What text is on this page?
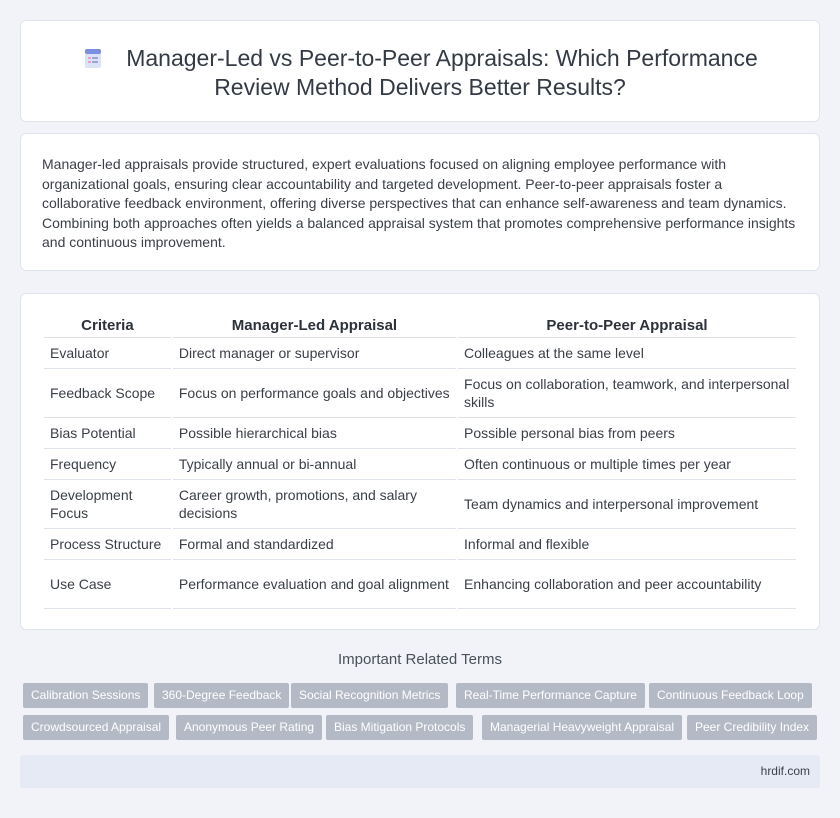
Manager-Led vs Peer-to-Peer Appraisals: Which Performance
Review Method Delivers Better Results?

Manager-led appraisals provide structured, expert evaluations focused on aligning employee performance with organizational goals, ensuring clear accountability and targeted development. Peer-to-peer appraisals foster a collaborative feedback environment, offering diverse perspectives that can enhance self-awareness and team dynamics. Combining both approaches often yields a balanced appraisal system that promotes comprehensive performance insights and continuous improvement.

Criteria	Manager-Led Appraisal	Peer-to-Peer Appraisal
Evaluator	Direct manager or supervisor	Colleagues at the same level
Feedback Scope	Focus on performance goals and objectives	Focus on collaboration, teamwork, and interpersonal skills
Bias Potential	Possible hierarchical bias	Possible personal bias from peers
Frequency	Typically annual or bi-annual	Often continuous or multiple times per year
Development Focus	Career growth, promotions, and salary decisions	Team dynamics and interpersonal improvement
Process Structure	Formal and standardized	Informal and flexible
Use Case	Performance evaluation and goal alignment	Enhancing collaboration and peer accountability
Important Related Terms
Calibration Sessions	360-Degree Feedback	Social Recognition Metrics	Real-Time Performance Capture	Continuous Feedback Loop
Crowdsourced Appraisal	Anonymous Peer Rating	Bias Mitigation Protocols	Managerial Heavyweight Appraisal	Peer Credibility Index
hrdif.com
